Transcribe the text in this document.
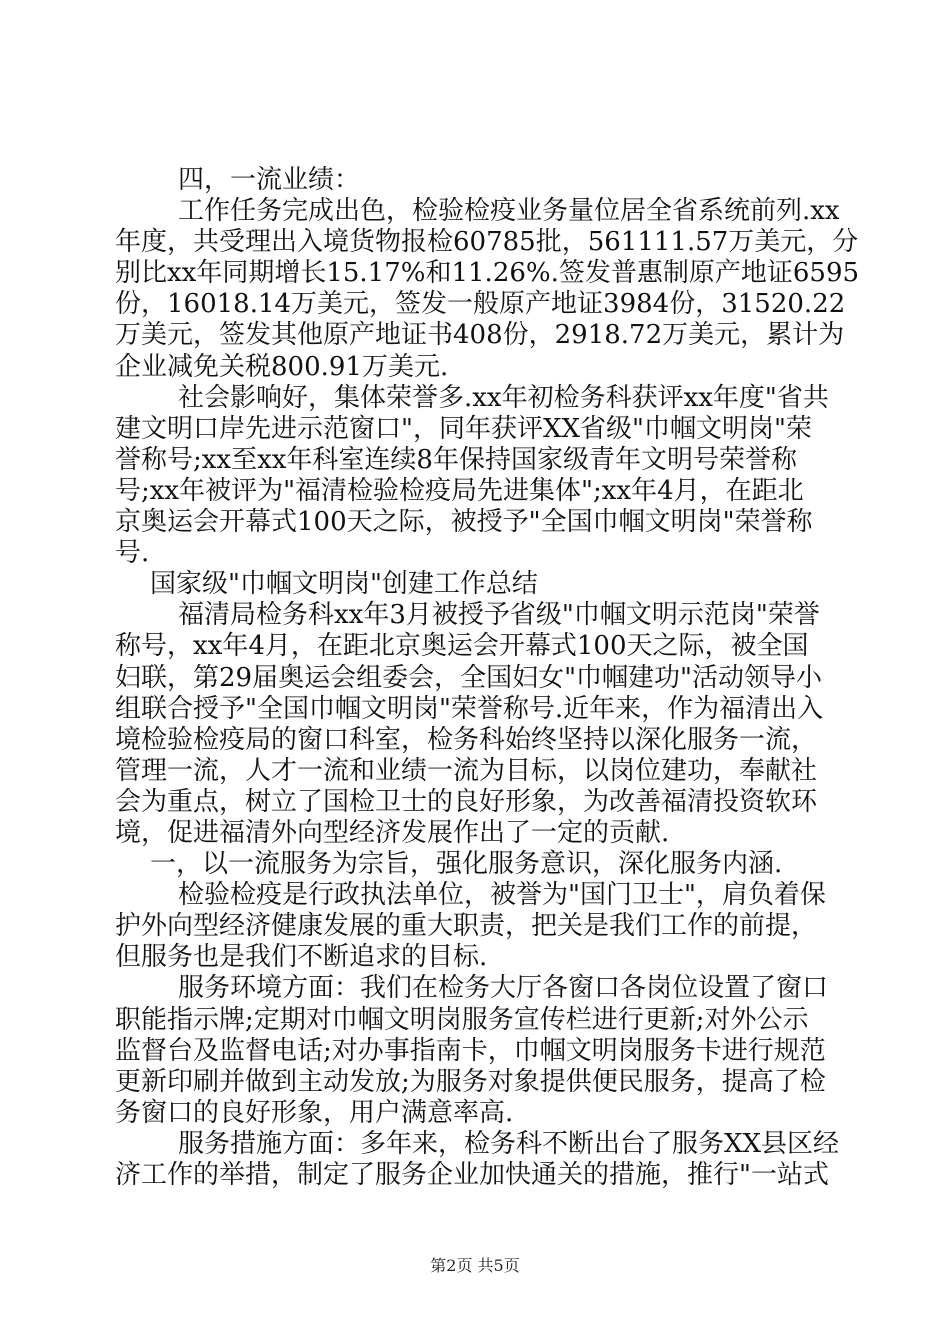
四，一流业绩：
工作任务完成出色，检验检疫业务量位居全省系统前列.xx
年度，共受理出入境货物报检60785批，561111.57万美元，分
别比xx年同期增长15.17%和11.26%.签发普惠制原产地证6595
份，16018.14万美元，签发一般原产地证3984份，31520.22
万美元，签发其他原产地证书408份，2918.72万美元，累计为
企业减免关税800.91万美元.
社会影响好，集体荣誉多.xx年初检务科获评xx年度"省共
建文明口岸先进示范窗口"，同年获评XX省级"巾帼文明岗"荣
誉称号;xx至xx年科室连续8年保持国家级青年文明号荣誉称
号;xx年被评为"福清检验检疫局先进集体";xx年4月，在距北
京奥运会开幕式100天之际，被授予"全国巾帼文明岗"荣誉称
号.
国家级"巾帼文明岗"创建工作总结
福清局检务科xx年3月被授予省级"巾帼文明示范岗"荣誉
称号，xx年4月，在距北京奥运会开幕式100天之际，被全国
妇联，第29届奥运会组委会，全国妇女"巾帼建功"活动领导小
组联合授予"全国巾帼文明岗"荣誉称号.近年来，作为福清出入
境检验检疫局的窗口科室，检务科始终坚持以深化服务一流，
管理一流，人才一流和业绩一流为目标，以岗位建功，奉献社
会为重点，树立了国检卫士的良好形象，为改善福清投资软环
境，促进福清外向型经济发展作出了一定的贡献.
一，以一流服务为宗旨，强化服务意识，深化服务内涵.
检验检疫是行政执法单位，被誉为"国门卫士"，肩负着保
护外向型经济健康发展的重大职责，把关是我们工作的前提，
但服务也是我们不断追求的目标.
服务环境方面：我们在检务大厅各窗口各岗位设置了窗口
职能指示牌;定期对巾帼文明岗服务宣传栏进行更新;对外公示
监督台及监督电话;对办事指南卡，巾帼文明岗服务卡进行规范
更新印刷并做到主动发放;为服务对象提供便民服务，提高了检
务窗口的良好形象，用户满意率高.
服务措施方面：多年来，检务科不断出台了服务XX县区经
济工作的举措，制定了服务企业加快通关的措施，推行"一站式
第2页 共5页
